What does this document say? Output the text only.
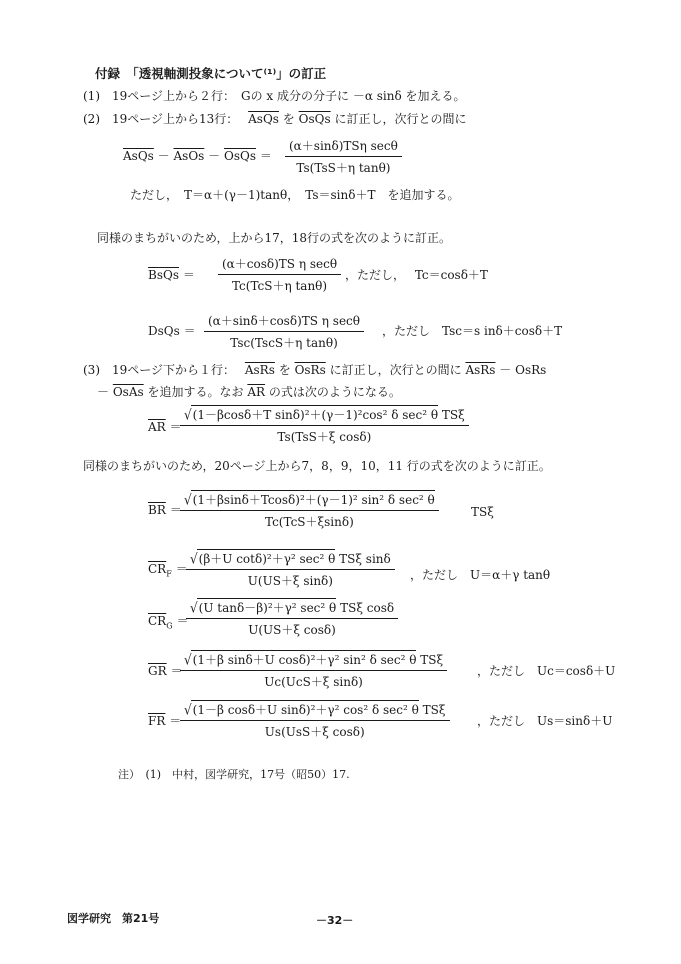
付録　「透視軸測投象について⁽¹⁾」の訂正
(1)　19ページ上から２行：　Gの x 成分の分子に －α sinδ を加える。
(2)　19ページ上から13行： AsQs を OsQs に訂正し，次行との間に
AsQs － AsOs － OsQs ＝
(α＋sinδ)TSη secθ
Ts(TsS＋η tanθ)
ただし，　T＝α＋(γ－1)tanθ，　Ts＝sinδ＋T　を追加する。
同様のまちがいのため，上から17，18行の式を次のように訂正。
BsQs ＝
(α＋cosδ)TS η secθ
Tc(TcS＋η tanθ)
，ただし，　 Tc＝cosδ＋T
DsQs ＝
(α＋sinδ＋cosδ)TS η secθ
Tsc(TscS＋η tanθ)
，ただし　Tsc＝s inδ＋cosδ＋T
(3)　19ページ下から１行： AsRs を OsRs に訂正し，次行との間に AsRs － OsRs
－ OsAs を追加する。なお $\overline{AR}$ の式は次のようになる。
$\overline{AR}$ ＝
√(1－βcosδ＋T sinδ)²＋(γ－1)²cos² δ sec² θ TSξ
Ts(TsS＋ξ cosδ)
同様のまちがいのため，20ページ上から7，8，9，10，11 行の式を次のように訂正。
$\overline{BR}$ ＝
√(1＋βsinδ＋Tcosδ)²＋(γ－1)² sin² δ sec² θ
Tc(TcS＋ξsinδ)
TSξ
$\overline{CR}_F$ ＝
√(β＋U cotδ)²＋γ² sec² θ TSξ sinδ
U(US＋ξ sinδ)	，ただし　U＝α＋γ tanθ
$\overline{CR}_G$ ＝
√(U tanδ－β)²＋γ² sec² θ TSξ cosδ
U(US＋ξ cosδ)
$\overline{GR}$ ＝
√(1＋β sinδ＋U cosδ)²＋γ² sin² δ sec² θ TSξ
Uc(UcS＋ξ sinδ)
，ただし　Uc＝cosδ＋U
$\overline{FR}$ ＝
√(1－β cosδ＋U sinδ)²＋γ² cos² δ sec² θ TSξ
Us(UsS＋ξ cosδ)
，ただし　Us＝sinδ＋U
注）　(1)　中村，図学研究，17号（昭50）17.
図学研究　第21号	－32－
